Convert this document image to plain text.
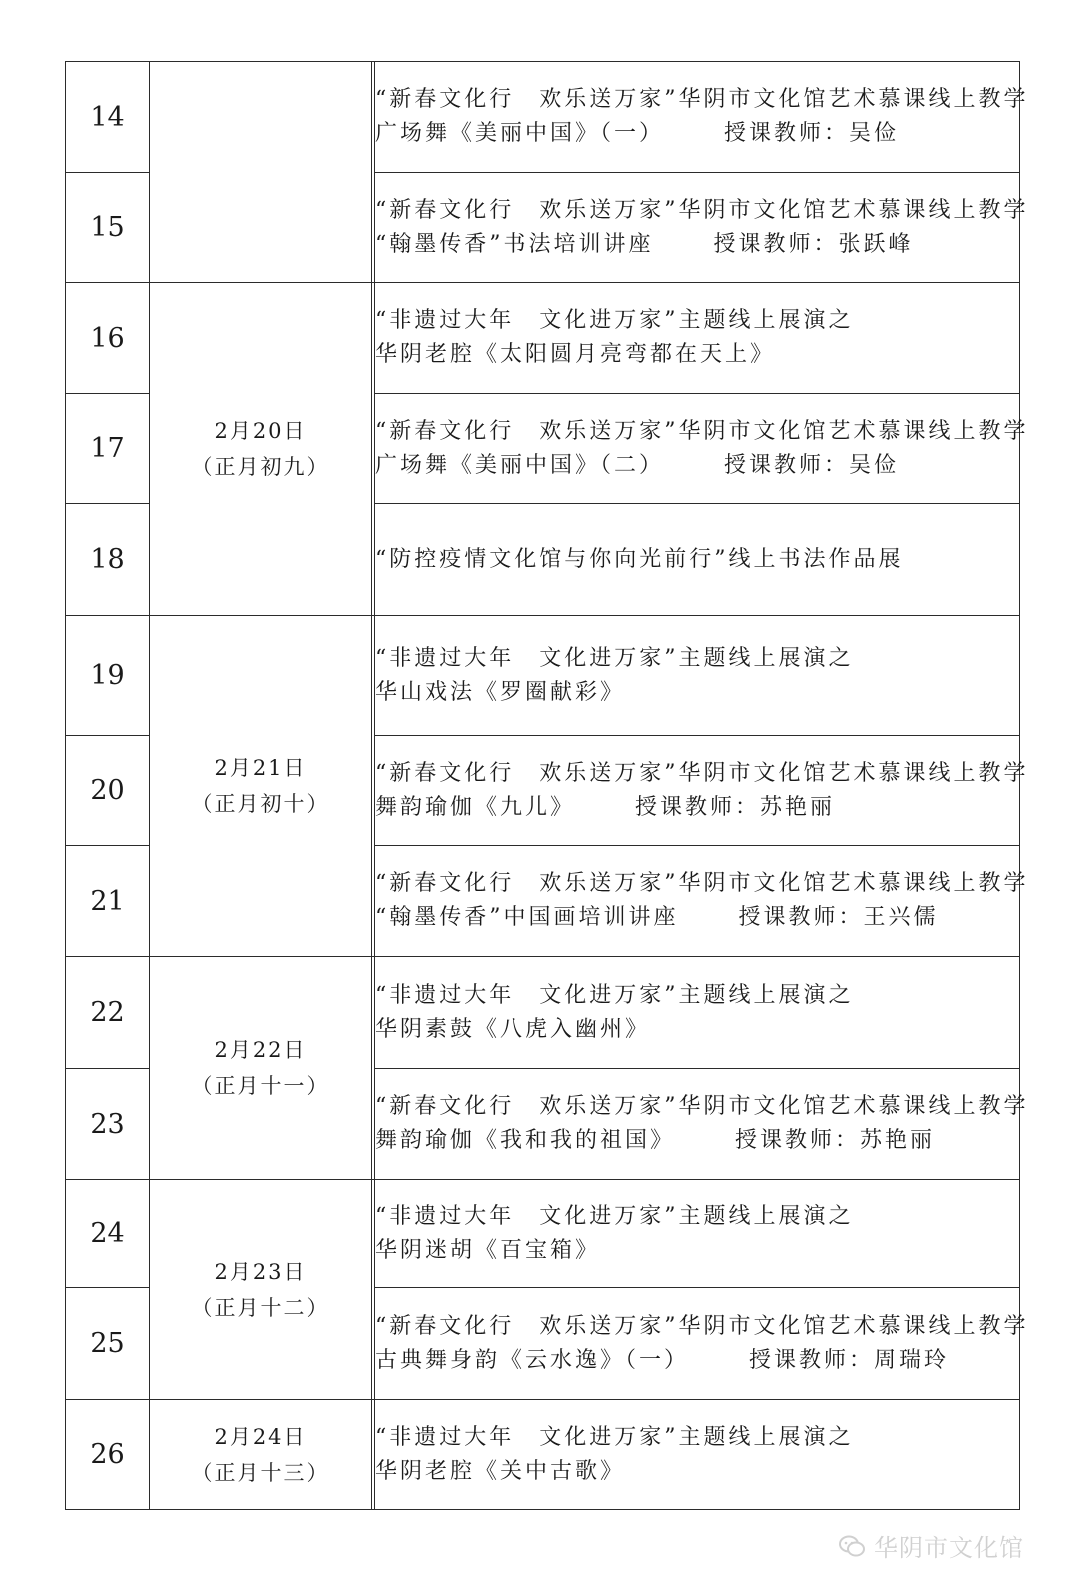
14			“新春文化行　欢乐送万家”华阴市文化馆艺术慕课线上教学
广场舞《美丽中国》（一） 授课教师：吴俭

15			“新春文化行　欢乐送万家”华阴市文化馆艺术慕课线上教学
“翰墨传香”书法培训讲座 授课教师：张跃峰

16	2月20日
（正月初九）		“非遗过大年　文化进万家”主题线上展演之
华阴老腔《太阳圆月亮弯都在天上》

17			“新春文化行　欢乐送万家”华阴市文化馆艺术慕课线上教学
广场舞《美丽中国》（二） 授课教师：吴俭

18			“防控疫情文化馆与你向光前行”线上书法作品展

19	2月21日
（正月初十）		“非遗过大年　文化进万家”主题线上展演之
华山戏法《罗圈献彩》

20			“新春文化行　欢乐送万家”华阴市文化馆艺术慕课线上教学
舞韵瑜伽《九儿》 授课教师：苏艳丽

21			“新春文化行　欢乐送万家”华阴市文化馆艺术慕课线上教学
“翰墨传香”中国画培训讲座 授课教师：王兴儒

22	2月22日
（正月十一）		“非遗过大年　文化进万家”主题线上展演之
华阴素鼓《八虎入幽州》

23			“新春文化行　欢乐送万家”华阴市文化馆艺术慕课线上教学
舞韵瑜伽《我和我的祖国》 授课教师：苏艳丽

24	2月23日
（正月十二）		“非遗过大年　文化进万家”主题线上展演之
华阴迷胡《百宝箱》

25			“新春文化行　欢乐送万家”华阴市文化馆艺术慕课线上教学
古典舞身韵《云水逸》（一） 授课教师：周瑞玲

26	2月24日
（正月十三）		“非遗过大年　文化进万家”主题线上展演之
华阴老腔《关中古歌》
华阴市文化馆
